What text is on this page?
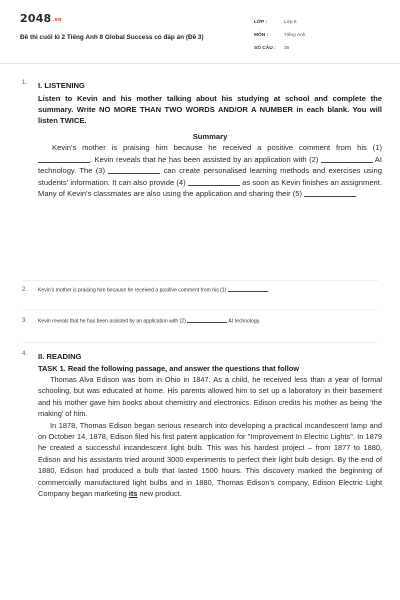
2048.vn
Đề thi cuối kì 2 Tiếng Anh 8 Global Success có đáp án (Đề 3)
LỚP :	Lớp 8
MÔN :	Tiếng Anh
SỐ CÂU :	36
1. I. LISTENING
Listen to Kevin and his mother talking about his studying at school and complete the summary. Write NO MORE THAN TWO WORDS AND/OR A NUMBER in each blank. You will listen TWICE.
Summary
Kevin's mother is praising him because he received a positive comment from his (1) . Kevin reveals that he has been assisted by an application with (2)	AI technology. The (3)	can create personalised learning methods and exercises using students' information. It can also provide (4)	as soon as Kevin finishes an assignment. Many of Kevin's classmates are also using the application and sharing their (5)
2. Kevin's mother is praising him because he received a positive comment from his (1)
3. Kevin reveals that he has been assisted by an application with (2)	AI technology.
4. II. READING
TASK 1. Read the following passage, and answer the questions that follow
Thomas Alva Edison was born in Ohio in 1847. As a child, he received less than a year of formal schooling, but was educated at home. His parents allowed him to set up a laboratory in their basement and his mother gave him books about chemistry and electronics. Edison credits his mother as being 'the making' of him.
In 1878, Thomas Edison began serious research into developing a practical incandescent lamp and on October 14, 1878, Edison filed his first patent application for "Improvement In Electric Lights". In 1879 he created a successful incandescent light bulb. This was his hardest project – from 1877 to 1880, Edison and his assistants tried around 3000 experiments to perfect their light bulb design. By the end of 1880, Edison had produced a bulb that lasted 1500 hours. This discovery marked the beginning of commercially manufactured light bulbs and in 1880, Thomas Edison's company, Edison Electric Light Company began marketing its new product.
